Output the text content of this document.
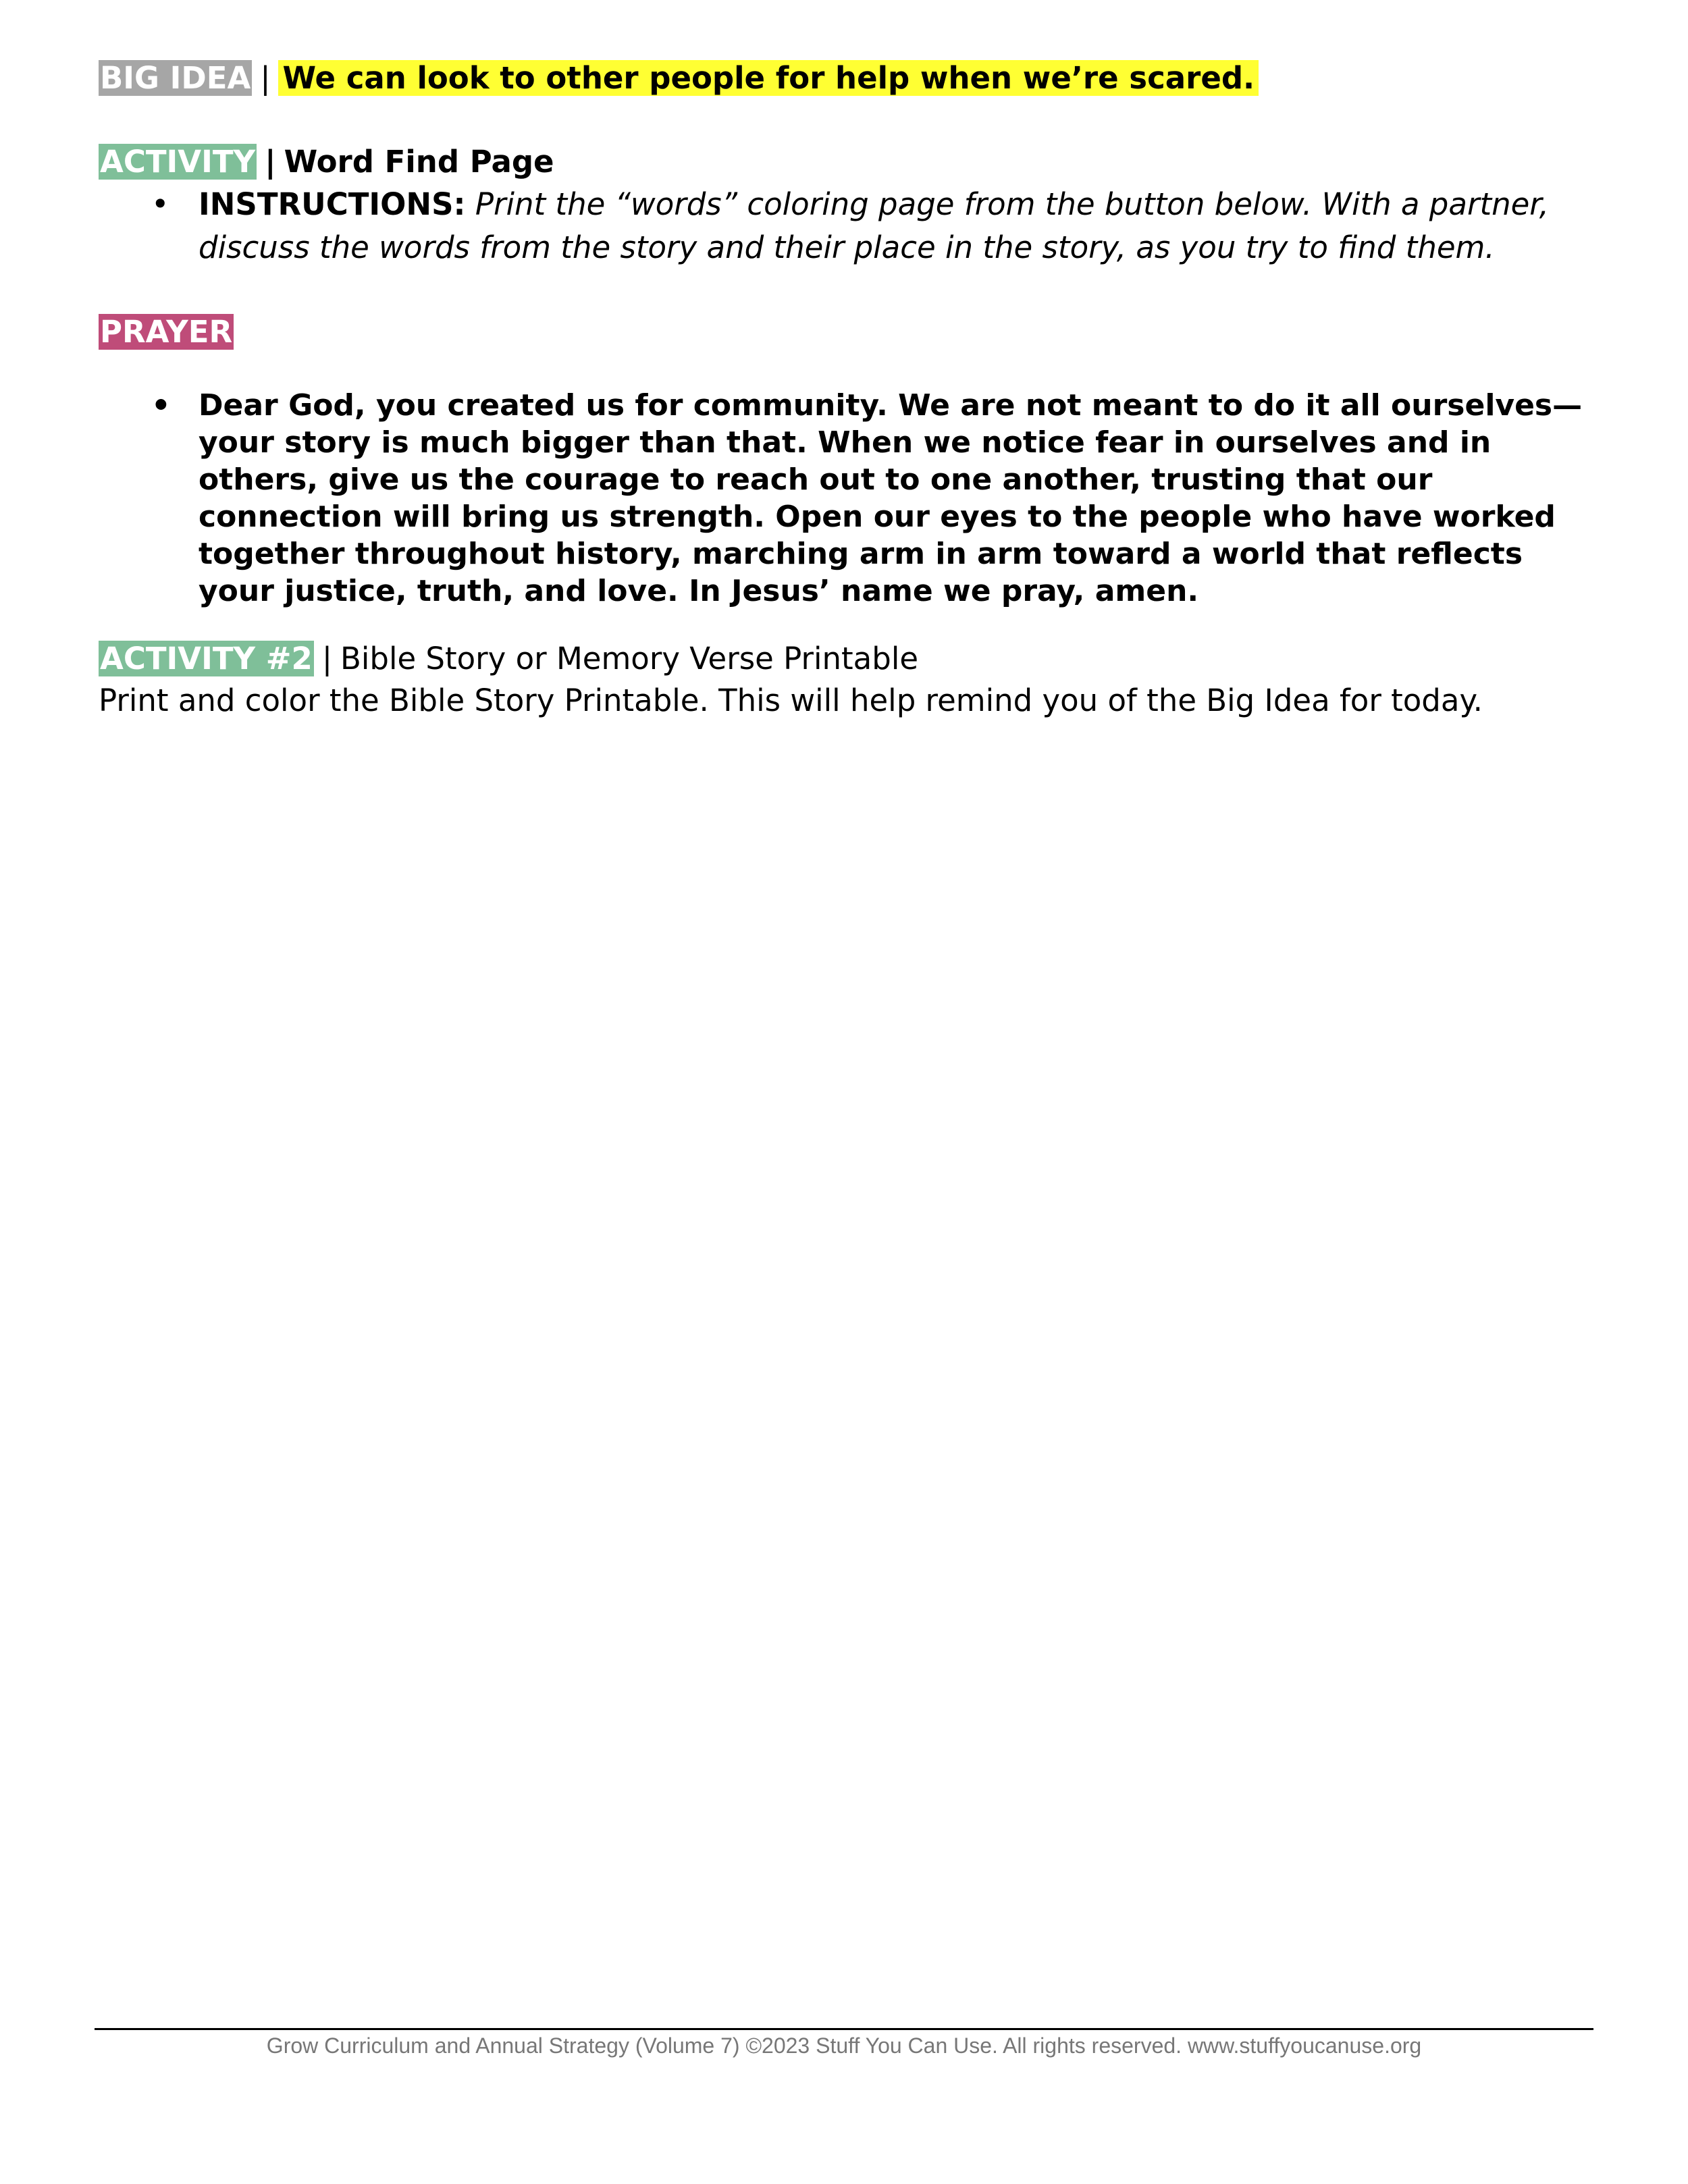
BIG IDEA | We can look to other people for help when we’re scared.
ACTIVITY | Word Find Page
• INSTRUCTIONS: Print the “words” coloring page from the button below. With a partner, discuss the words from the story and their place in the story, as you try to find them.
PRAYER
• Dear God, you created us for community. We are not meant to do it all ourselves—your story is much bigger than that. When we notice fear in ourselves and in others, give us the courage to reach out to one another, trusting that our connection will bring us strength. Open our eyes to the people who have worked together throughout history, marching arm in arm toward a world that reflects your justice, truth, and love. In Jesus’ name we pray, amen.
ACTIVITY #2 | Bible Story or Memory Verse Printable
Print and color the Bible Story Printable. This will help remind you of the Big Idea for today.
Grow Curriculum and Annual Strategy (Volume 7) ©2023 Stuff You Can Use. All rights reserved. www.stuffyoucanuse.org
